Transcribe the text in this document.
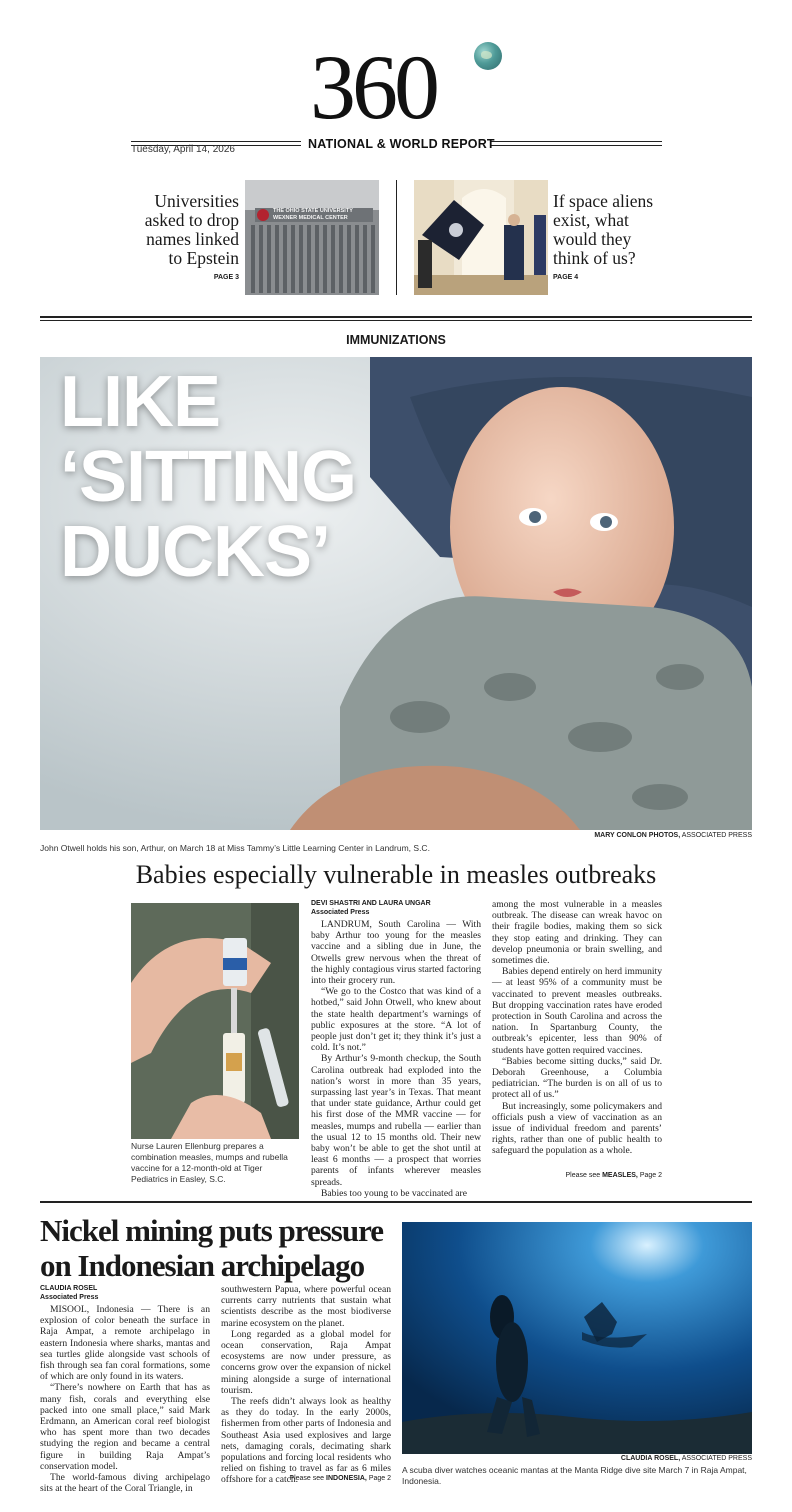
360
Tuesday, April 14, 2026	NATIONAL & WORLD REPORT
Universities asked to drop names linked to Epstein
PAGE 3
THE OHIO STATE UNIVERSITY WEXNER MEDICAL CENTER
If space aliens exist, what would they think of us?
PAGE 4
IMMUNIZATIONS
LIKE
‘SITTING
DUCKS’
MARY CONLON PHOTOS, ASSOCIATED PRESS
John Otwell holds his son, Arthur, on March 18 at Miss Tammy’s Little Learning Center in Landrum, S.C.
Babies especially vulnerable in measles outbreaks
Nurse Lauren Ellenburg prepares a combination measles, mumps and rubella vaccine for a 12-month-old at Tiger Pediatrics in Easley, S.C.
DEVI SHASTRI AND LAURA UNGAR
Associated Press

LANDRUM, South Carolina — With baby Arthur too young for the measles vaccine and a sibling due in June, the Otwells grew nervous when the threat of the highly contagious virus started factoring into their grocery run.

“We go to the Costco that was kind of a hotbed,” said John Otwell, who knew about the state health department’s warnings of public exposures at the store. “A lot of people just don’t get it; they think it’s just a cold. It’s not.”

By Arthur’s 9-month checkup, the South Carolina outbreak had exploded into the nation’s worst in more than 35 years, surpassing last year’s in Texas. That meant that under state guidance, Arthur could get his first dose of the MMR vaccine — for measles, mumps and rubella — earlier than the usual 12 to 15 months old. Their new baby won’t be able to get the shot until at least 6 months — a prospect that worries parents of infants wherever measles spreads.

Babies too young to be vaccinated are

among the most vulnerable in a measles outbreak. The disease can wreak havoc on their fragile bodies, making them so sick they stop eating and drinking. They can develop pneumonia or brain swelling, and sometimes die.

Babies depend entirely on herd immunity — at least 95% of a community must be vaccinated to prevent measles outbreaks. But dropping vaccination rates have eroded protection in South Carolina and across the nation. In Spartanburg County, the outbreak’s epicenter, less than 90% of students have gotten required vaccines.

“Babies become sitting ducks,” said Dr. Deborah Greenhouse, a Columbia pediatrician. “The burden is on all of us to protect all of us.”

But increasingly, some policymakers and officials push a view of vaccination as an issue of individual freedom and parents’ rights, rather than one of public health to safeguard the population as a whole.

Please see MEASLES, Page 2
Nickel mining puts pressure on Indonesian archipelago
CLAUDIA ROSEL
Associated Press

MISOOL, Indonesia — There is an explosion of color beneath the surface in Raja Ampat, a remote archipelago in eastern Indonesia where sharks, mantas and sea turtles glide alongside vast schools of fish through sea fan coral formations, some of which are only found in its waters.

“There’s nowhere on Earth that has as many fish, corals and everything else packed into one small place,” said Mark Erdmann, an American coral reef biologist who has spent more than two decades studying the region and became a central figure in building Raja Ampat’s conservation model.

The world-famous diving archipelago sits at the heart of the Coral Triangle, in

southwestern Papua, where powerful ocean currents carry nutrients that sustain what scientists describe as the most biodiverse marine ecosystem on the planet.

Long regarded as a global model for ocean conservation, Raja Ampat ecosystems are now under pressure, as concerns grow over the expansion of nickel mining alongside a surge of international tourism.

The reefs didn’t always look as healthy as they do today. In the early 2000s, fishermen from other parts of Indonesia and Southeast Asia used explosives and large nets, damaging corals, decimating shark populations and forcing local residents who relied on fishing to travel as far as 6 miles offshore for a catch.

Please see INDONESIA, Page 2
CLAUDIA ROSEL, ASSOCIATED PRESS
A scuba diver watches oceanic mantas at the Manta Ridge dive site March 7 in Raja Ampat, Indonesia.
